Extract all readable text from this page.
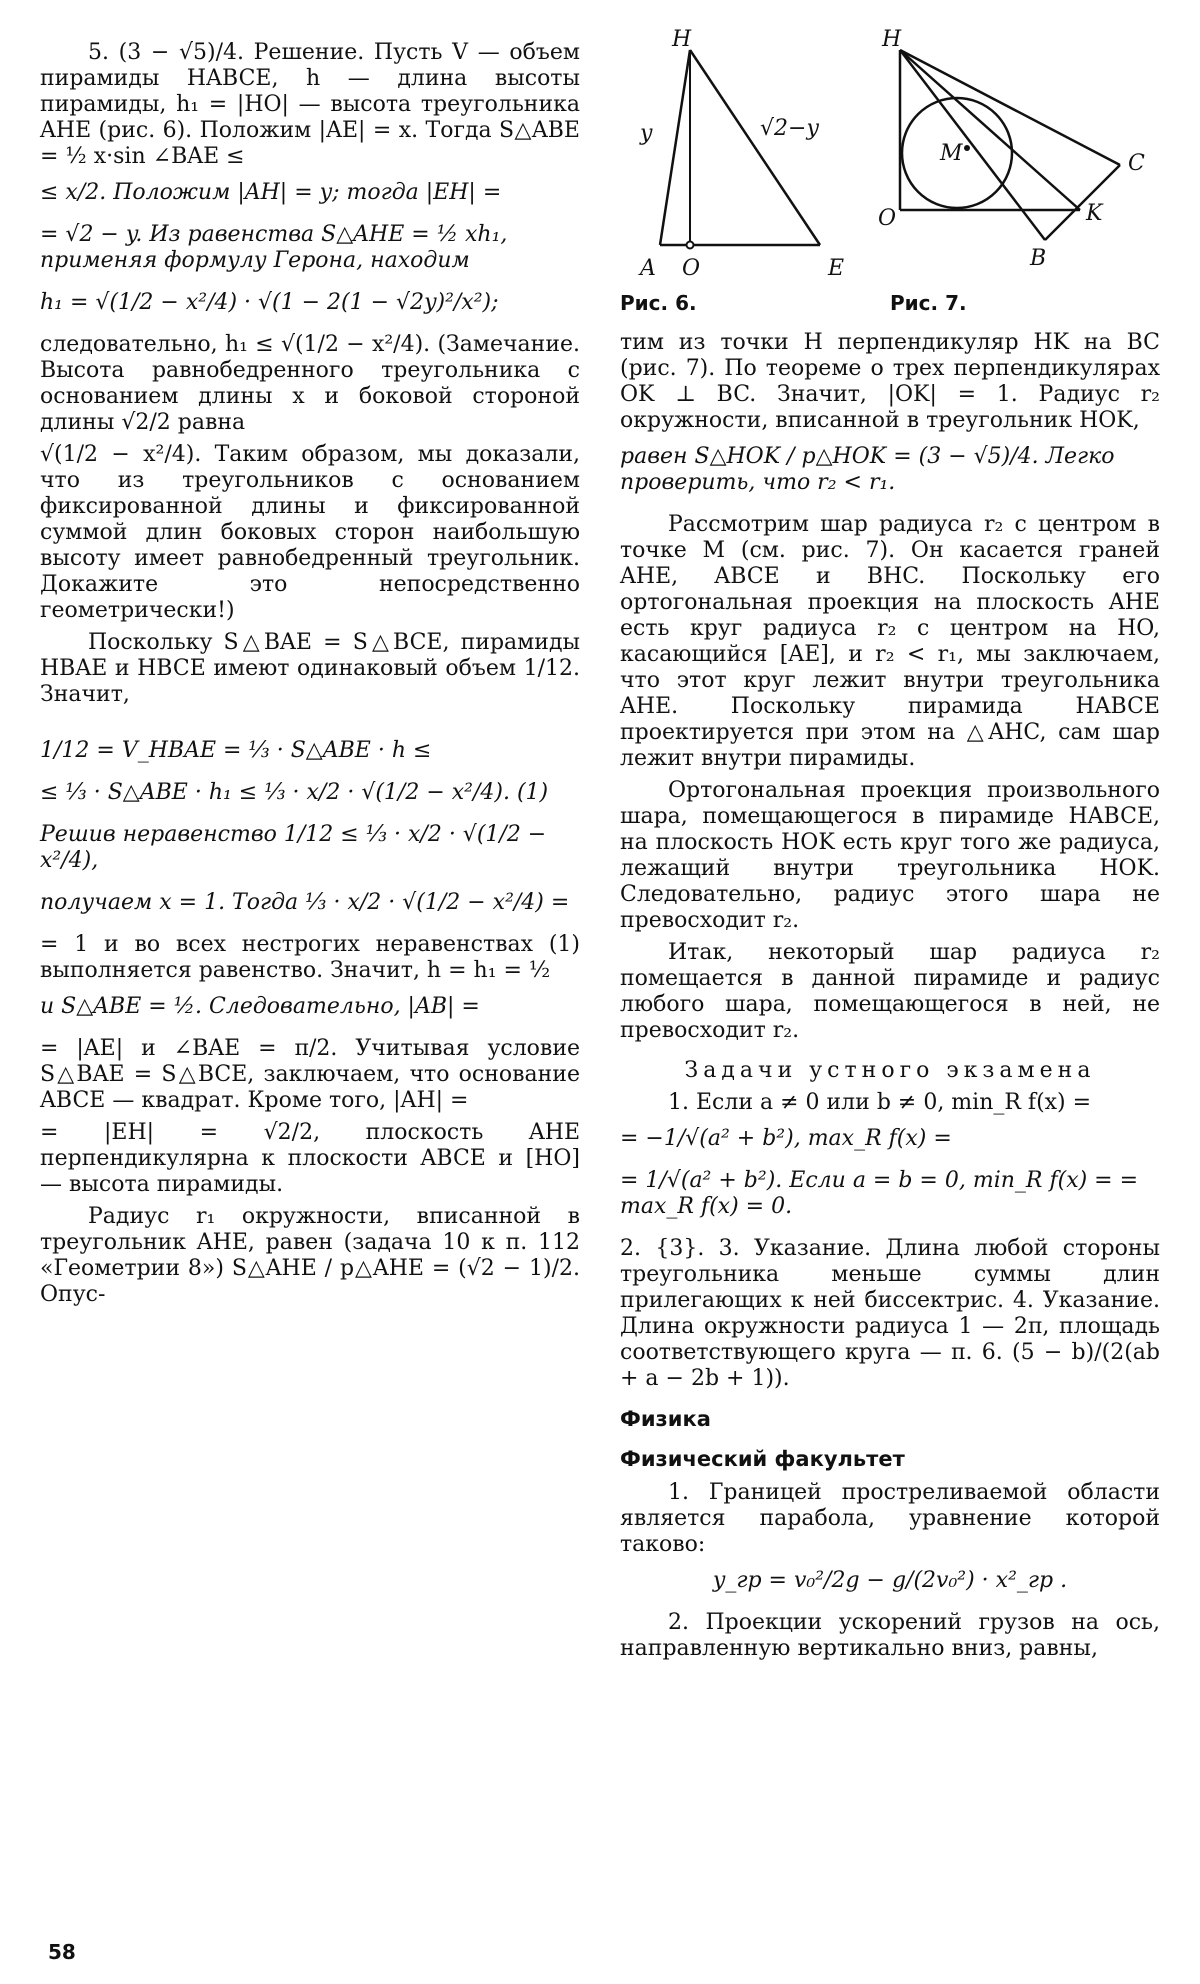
5. (3 − √5)/4. Решение. Пусть V — объем пирамиды HABCE, h — длина высоты пирамиды, h₁ = |HO| — высота треугольника AHE (рис. 6). Положим |AE| = x. Тогда S△ABE = ½ x·sin ∠BAE ≤

≤ x/2. Положим |AH| = y; тогда |EH| =

= √2 − y. Из равенства S△AHE = ½ xh₁, применяя формулу Герона, находим

h₁ = √(1/2 − x²/4) · √(1 − 2(1 − √2y)²/x²);

следовательно, h₁ ≤ √(1/2 − x²/4). (Замечание. Высота равнобедренного треугольника с основанием длины x и боковой стороной длины √2/2 равна

√(1/2 − x²/4). Таким образом, мы доказали, что из треугольников с основанием фиксированной длины и фиксированной суммой длин боковых сторон наибольшую высоту имеет равнобедренный треугольник. Докажите это непосредственно геометрически!)

Поскольку S△BAE = S△BCE, пирамиды HBAE и HBCE имеют одинаковый объем 1/12. Значит,

1/12 = V_HBAE = ⅓ · S△ABE · h ≤

≤ ⅓ · S△ABE · h₁ ≤ ⅓ · x/2 · √(1/2 − x²/4). (1)

Решив неравенство 1/12 ≤ ⅓ · x/2 · √(1/2 − x²/4),

получаем x = 1. Тогда ⅓ · x/2 · √(1/2 − x²/4) =

= 1 и во всех нестрогих неравенствах (1) выполняется равенство. Значит, h = h₁ = ½

и S△ABE = ½. Следовательно, |AB| =

= |AE| и ∠BAE = π/2. Учитывая условие S△BAE = S△BCE, заключаем, что основание ABCE — квадрат. Кроме того, |AH| =

= |EH| = √2/2, плоскость AHE перпендикулярна к плоскости ABCE и [HO] — высота пирамиды.

Радиус r₁ окружности, вписанной в треугольник AHE, равен (задача 10 к п. 112 «Геометрии 8») S△AHE / p△AHE = (√2 − 1)/2. Опус-

H
A O	E
y	√2−y
Рис. 6.
H
M
O	K
C
B
Рис. 7.

тим из точки H перпендикуляр HK на BC (рис. 7). По теореме о трех перпендикулярах OK ⊥ BC. Значит, |OK| = 1. Радиус r₂ окружности, вписанной в треугольник HOK,

равен S△HOK / p△HOK = (3 − √5)/4. Легко проверить, что r₂ < r₁.

Рассмотрим шар радиуса r₂ с центром в точке M (см. рис. 7). Он касается граней AHE, ABCE и BHC. Поскольку его ортогональная проекция на плоскость AHE есть круг радиуса r₂ с центром на HO, касающийся [AE], и r₂ < r₁, мы заключаем, что этот круг лежит внутри треугольника AHE. Поскольку пирамида HABCE проектируется при этом на △AHC, сам шар лежит внутри пирамиды.

Ортогональная проекция произвольного шара, помещающегося в пирамиде HABCE, на плоскость HOK есть круг того же радиуса, лежащий внутри треугольника HOK. Следовательно, радиус этого шара не превосходит r₂.

Итак, некоторый шар радиуса r₂ помещается в данной пирамиде и радиус любого шара, помещающегося в ней, не превосходит r₂.

Задачи устного экзамена

1. Если a ≠ 0 или b ≠ 0, min_R f(x) =

= −1/√(a² + b²), max_R f(x) =

= 1/√(a² + b²). Если a = b = 0, min_R f(x) = = max_R f(x) = 0.

2. {3}. 3. Указание. Длина любой стороны треугольника меньше суммы длин прилегающих к ней биссектрис. 4. Указание. Длина окружности радиуса 1 — 2π, площадь соответствующего круга — π. 6. (5 − b)/(2(ab + a − 2b + 1)).

Физика
Физический факультет

1. Границей простреливаемой области является парабола, уравнение которой таково:

y_гр = v₀²/2g − g/(2v₀²) · x²_гр .

2. Проекции ускорений грузов на ось, направленную вертикально вниз, равны,

58
